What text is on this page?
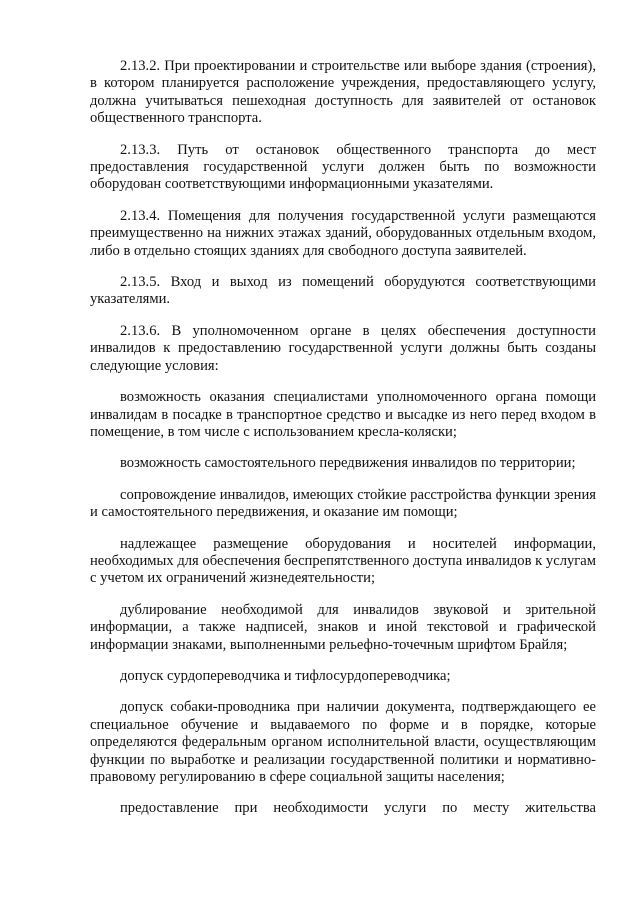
2.13.2. При проектировании и строительстве или выборе здания (строения), в котором планируется расположение учреждения, предоставляющего услугу, должна учитываться пешеходная доступность для заявителей от остановок общественного транспорта.

2.13.3. Путь от остановок общественного транспорта до мест предоставления государственной услуги должен быть по возможности оборудован соответствующими информационными указателями.

2.13.4. Помещения для получения государственной услуги размещаются преимущественно на нижних этажах зданий, оборудованных отдельным входом, либо в отдельно стоящих зданиях для свободного доступа заявителей.

2.13.5. Вход и выход из помещений оборудуются соответствующими указателями.

2.13.6. В уполномоченном органе в целях обеспечения доступности инвалидов к предоставлению государственной услуги должны быть созданы следующие условия:

возможность оказания специалистами уполномоченного органа помощи инвалидам в посадке в транспортное средство и высадке из него перед входом в помещение, в том числе с использованием кресла-коляски;

возможность самостоятельного передвижения инвалидов по территории;

сопровождение инвалидов, имеющих стойкие расстройства функции зрения и самостоятельного передвижения, и оказание им помощи;

надлежащее размещение оборудования и носителей информации, необходимых для обеспечения беспрепятственного доступа инвалидов к услугам с учетом их ограничений жизнедеятельности;

дублирование необходимой для инвалидов звуковой и зрительной информации, а также надписей, знаков и иной текстовой и графической информации знаками, выполненными рельефно-точечным шрифтом Брайля;

допуск сурдопереводчика и тифлосурдопереводчика;

допуск собаки-проводника при наличии документа, подтверждающего ее специальное обучение и выдаваемого по форме и в порядке, которые определяются федеральным органом исполнительной власти, осуществляющим функции по выработке и реализации государственной политики и нормативно-правовому регулированию в сфере социальной защиты населения;

предоставление при необходимости услуги по месту жительства
